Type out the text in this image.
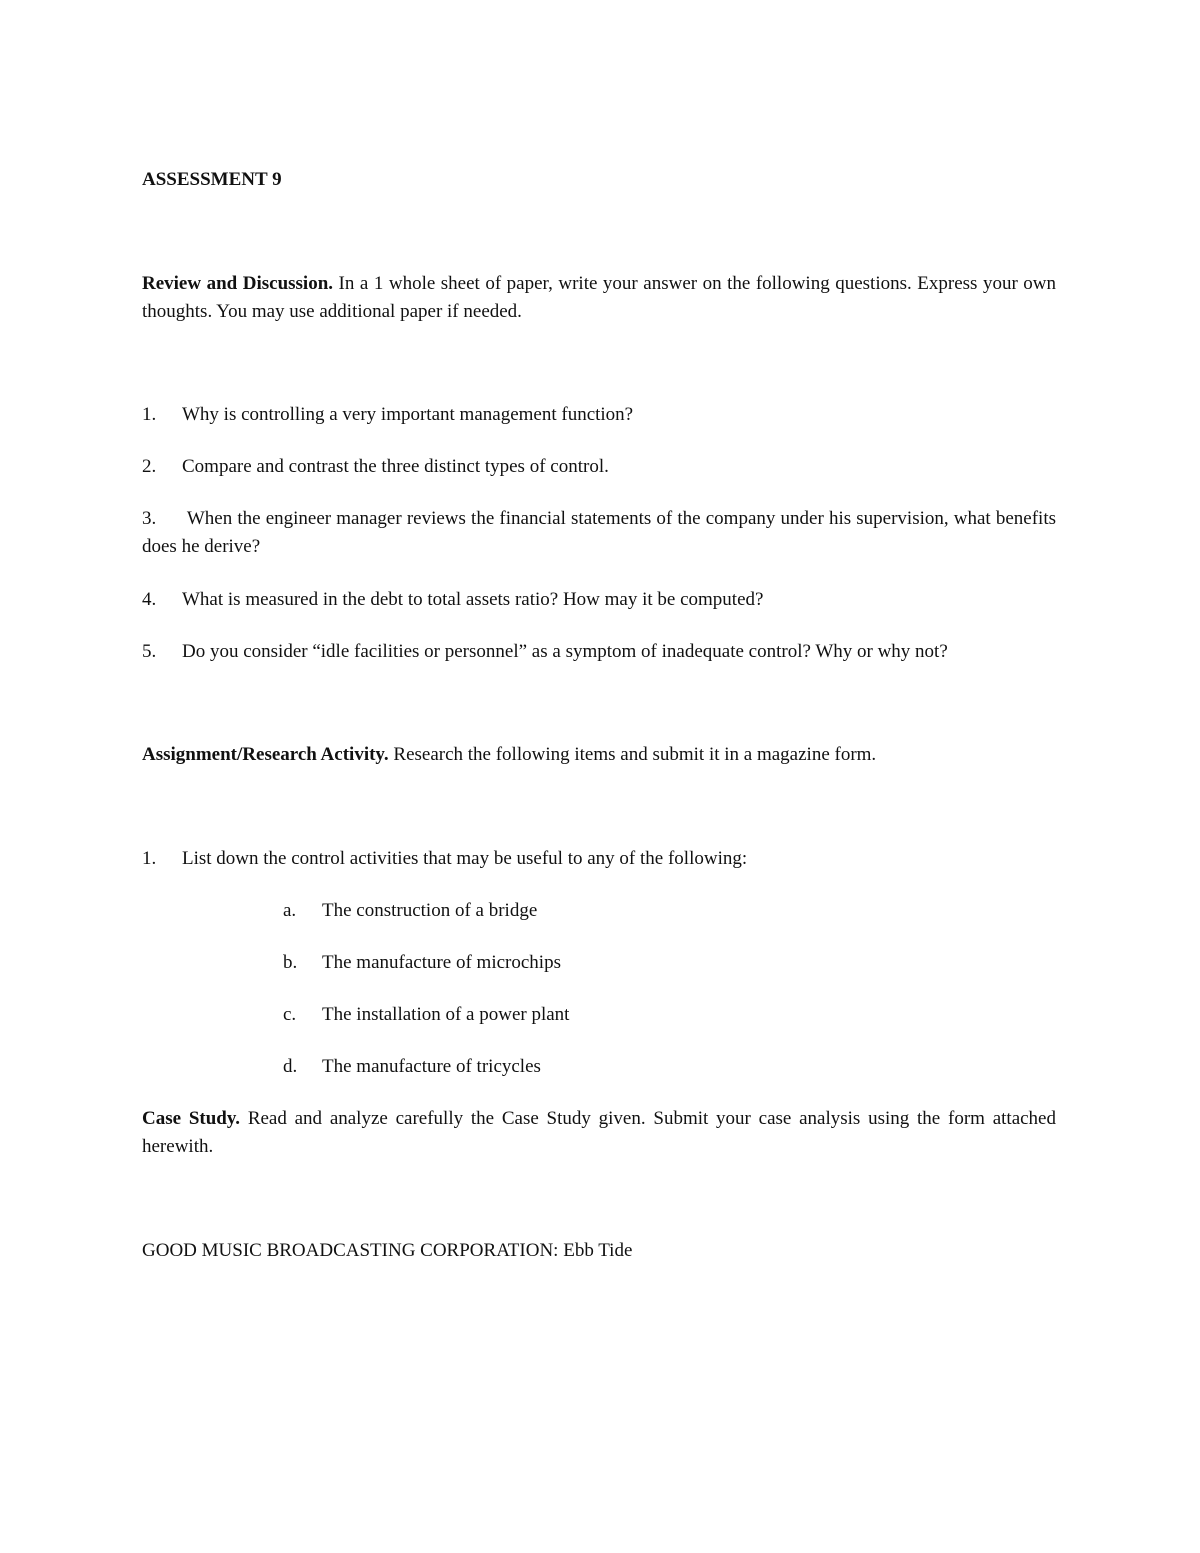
ASSESSMENT 9
Review and Discussion. In a 1 whole sheet of paper, write your answer on the following questions. Express your own thoughts. You may use additional paper if needed.
1. Why is controlling a very important management function?
2. Compare and contrast the three distinct types of control.
3.      When the engineer manager reviews the financial statements of the company under his supervision, what benefits does he derive?
4. What is measured in the debt to total assets ratio? How may it be computed?
5. Do you consider “idle facilities or personnel” as a symptom of inadequate control? Why or why not?
Assignment/Research Activity. Research the following items and submit it in a magazine form.
1. List down the control activities that may be useful to any of the following:
a. The construction of a bridge
b. The manufacture of microchips
c. The installation of a power plant
d. The manufacture of tricycles
Case Study. Read and analyze carefully the Case Study given. Submit your case analysis using the form attached herewith.
GOOD MUSIC BROADCASTING CORPORATION: Ebb Tide
